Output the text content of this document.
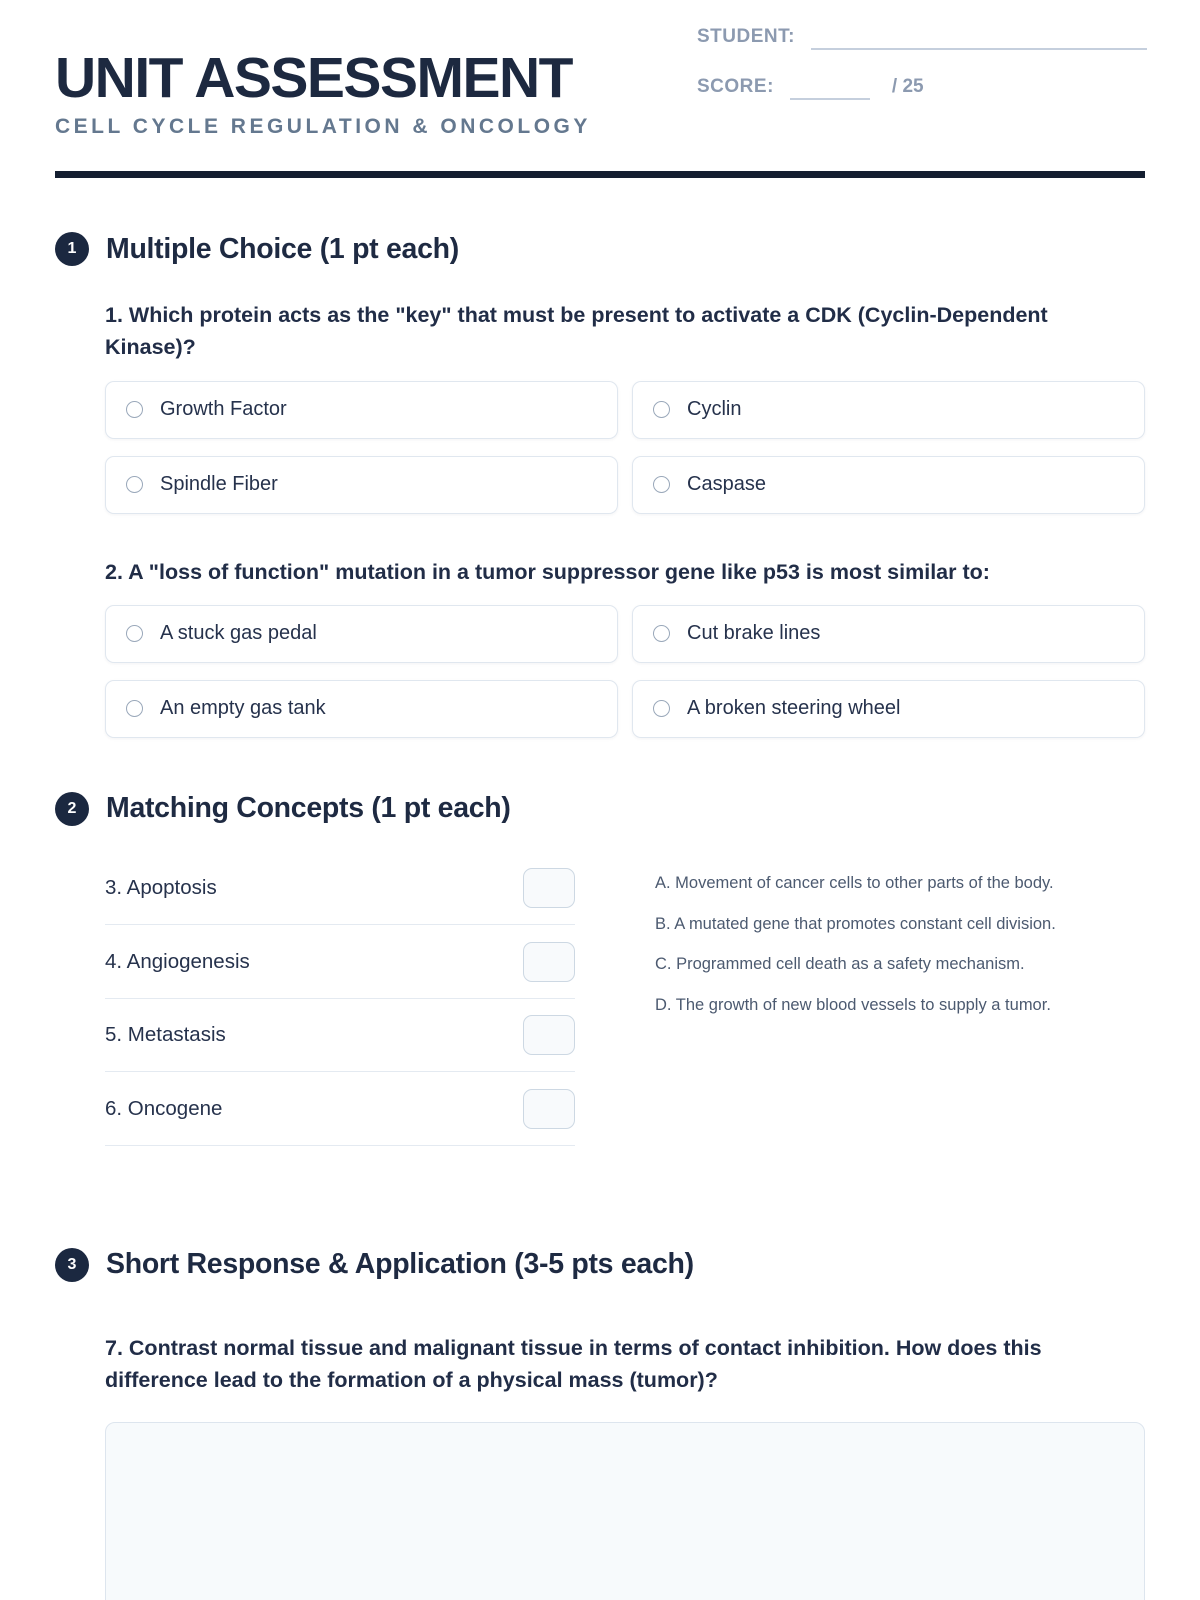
UNIT ASSESSMENT
CELL CYCLE REGULATION & ONCOLOGY
STUDENT:
SCORE:	/ 25
1	Multiple Choice (1 pt each)
1. Which protein acts as the "key" that must be present to activate a CDK (Cyclin-Dependent Kinase)?
Growth Factor	Cyclin
Spindle Fiber	Caspase
2. A "loss of function" mutation in a tumor suppressor gene like p53 is most similar to:
A stuck gas pedal	Cut brake lines
An empty gas tank	A broken steering wheel
2	Matching Concepts (1 pt each)
3. Apoptosis
4. Angiogenesis
5. Metastasis
6. Oncogene
A. Movement of cancer cells to other parts of the body.
B. A mutated gene that promotes constant cell division.
C. Programmed cell death as a safety mechanism.
D. The growth of new blood vessels to supply a tumor.
3	Short Response & Application (3-5 pts each)
7. Contrast normal tissue and malignant tissue in terms of contact inhibition. How does this difference lead to the formation of a physical mass (tumor)?
